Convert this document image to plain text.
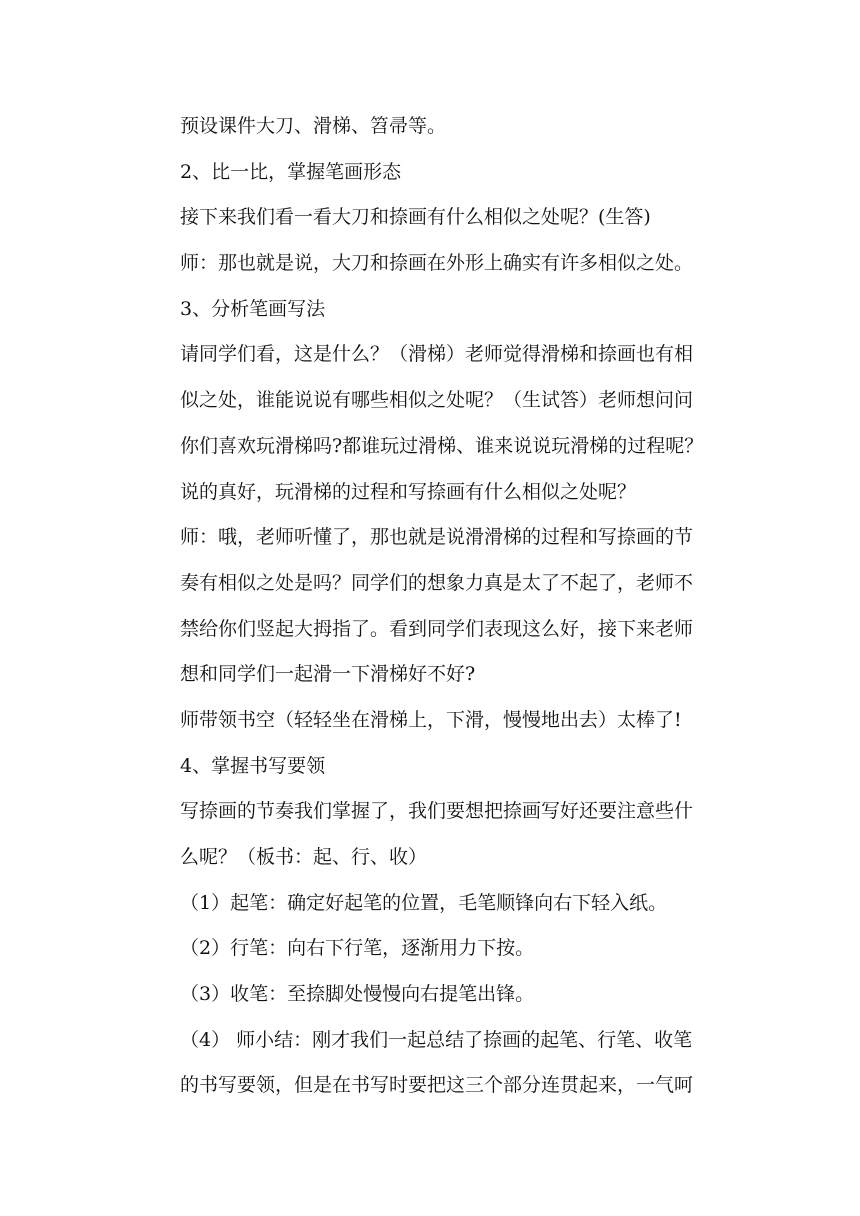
预设课件大刀、滑梯、笤帚等。
2、比一比，掌握笔画形态
接下来我们看一看大刀和捺画有什么相似之处呢？(生答)
师：那也就是说，大刀和捺画在外形上确实有许多相似之处。
3、分析笔画写法
请同学们看，这是什么？（滑梯）老师觉得滑梯和捺画也有相
似之处，谁能说说有哪些相似之处呢？（生试答）老师想问问
你们喜欢玩滑梯吗?都谁玩过滑梯、谁来说说玩滑梯的过程呢？
说的真好，玩滑梯的过程和写捺画有什么相似之处呢？
师：哦，老师听懂了，那也就是说滑滑梯的过程和写捺画的节
奏有相似之处是吗？同学们的想象力真是太了不起了，老师不
禁给你们竖起大拇指了。看到同学们表现这么好，接下来老师
想和同学们一起滑一下滑梯好不好?
师带领书空（轻轻坐在滑梯上，下滑，慢慢地出去）太棒了!
4、掌握书写要领
写捺画的节奏我们掌握了，我们要想把捺画写好还要注意些什
么呢？（板书：起、行、收）
（1）起笔：确定好起笔的位置，毛笔顺锋向右下轻入纸。
（2）行笔：向右下行笔，逐渐用力下按。
（3）收笔：至捺脚处慢慢向右提笔出锋。
（4） 师小结：刚才我们一起总结了捺画的起笔、行笔、收笔
的书写要领，但是在书写时要把这三个部分连贯起来，一气呵
